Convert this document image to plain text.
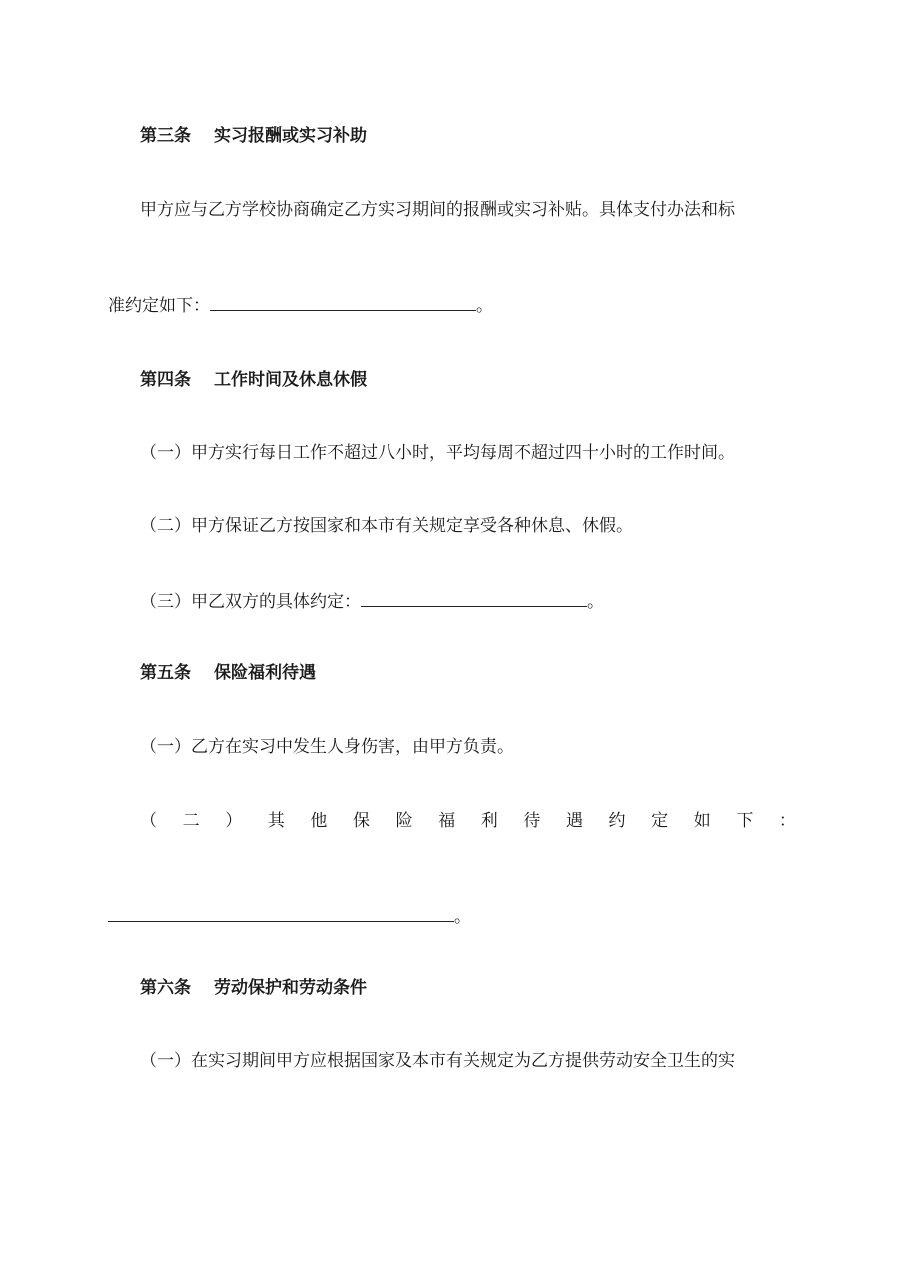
第三条 实习报酬或实习补助
甲方应与乙方学校协商确定乙方实习期间的报酬或实习补贴。具体支付办法和标
准约定如下：	。
第四条 工作时间及休息休假
（一）甲方实行每日工作不超过八小时，平均每周不超过四十小时的工作时间。
（二）甲方保证乙方按国家和本市有关规定享受各种休息、休假。
（三）甲乙双方的具体约定：	。
第五条 保险福利待遇
（一）乙方在实习中发生人身伤害，由甲方负责。
（ 二 ） 其 他 保 险 福 利 待 遇 约 定 如 下 ：
。
第六条 劳动保护和劳动条件
（一）在实习期间甲方应根据国家及本市有关规定为乙方提供劳动安全卫生的实
